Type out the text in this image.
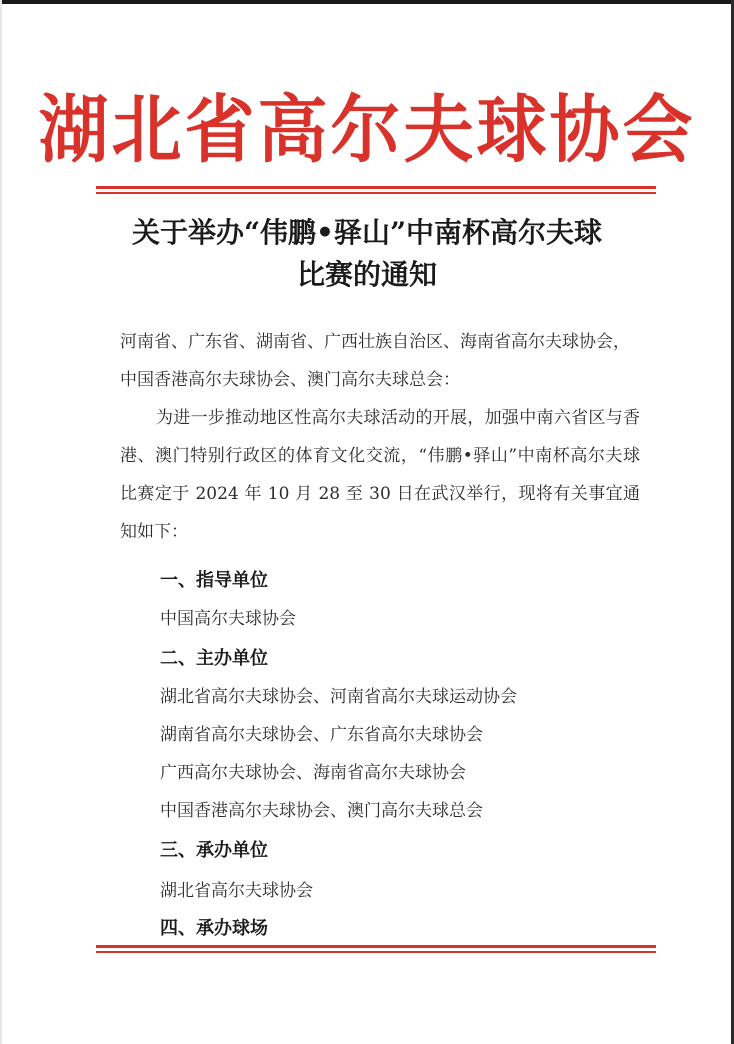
湖北省高尔夫球协会
关于举办“伟鹏•驿山”中南杯高尔夫球
比赛的通知

河南省、广东省、湖南省、广西壮族自治区、海南省高尔夫球协会，中国香港高尔夫球协会、澳门高尔夫球总会：

为进一步推动地区性高尔夫球活动的开展，加强中南六省区与香港、澳门特别行政区的体育文化交流，“伟鹏•驿山”中南杯高尔夫球比赛定于 2024 年 10 月 28 至 30 日在武汉举行，现将有关事宜通知如下：

一、指导单位

中国高尔夫球协会

二、主办单位

湖北省高尔夫球协会、河南省高尔夫球运动协会

湖南省高尔夫球协会、广东省高尔夫球协会

广西高尔夫球协会、海南省高尔夫球协会

中国香港高尔夫球协会、澳门高尔夫球总会

三、承办单位

湖北省高尔夫球协会

四、承办球场
